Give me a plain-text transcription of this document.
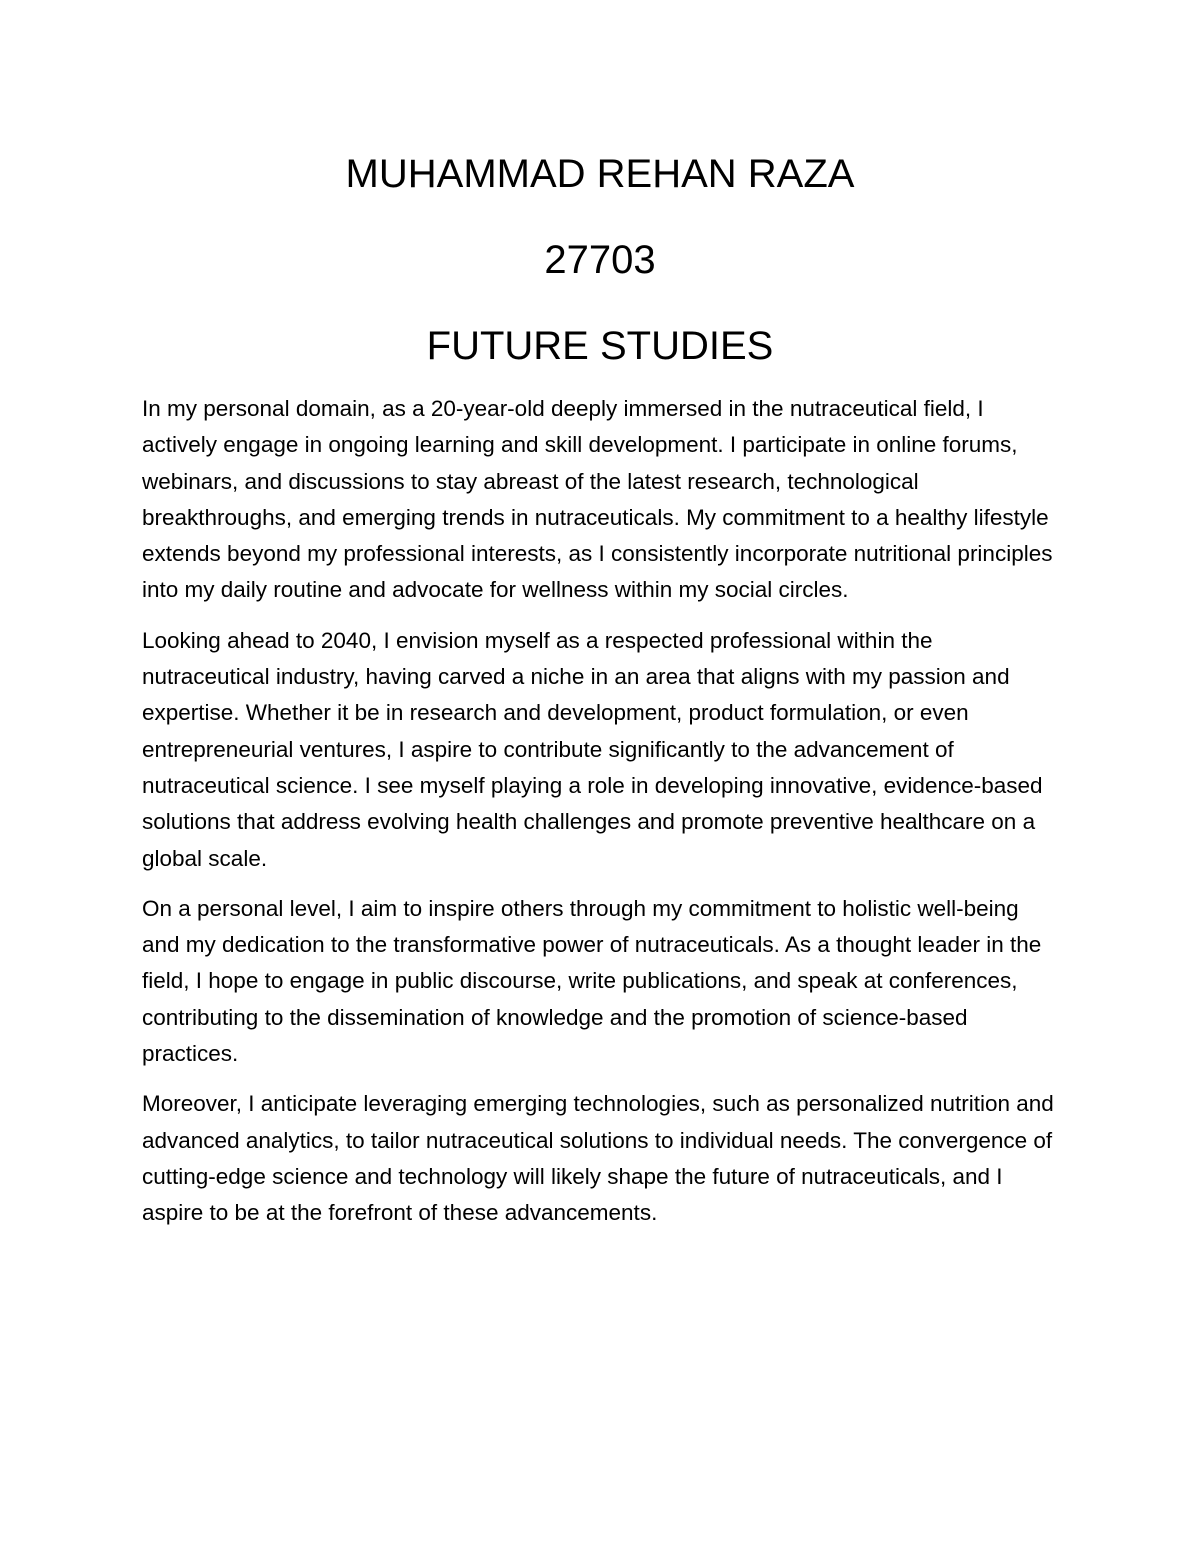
MUHAMMAD REHAN RAZA
27703
FUTURE STUDIES

In my personal domain, as a 20-year-old deeply immersed in the nutraceutical field, I actively engage in ongoing learning and skill development. I participate in online forums, webinars, and discussions to stay abreast of the latest research, technological breakthroughs, and emerging trends in nutraceuticals. My commitment to a healthy lifestyle extends beyond my professional interests, as I consistently incorporate nutritional principles into my daily routine and advocate for wellness within my social circles.

Looking ahead to 2040, I envision myself as a respected professional within the nutraceutical industry, having carved a niche in an area that aligns with my passion and expertise. Whether it be in research and development, product formulation, or even entrepreneurial ventures, I aspire to contribute significantly to the advancement of nutraceutical science. I see myself playing a role in developing innovative, evidence-based solutions that address evolving health challenges and promote preventive healthcare on a global scale.

On a personal level, I aim to inspire others through my commitment to holistic well-being and my dedication to the transformative power of nutraceuticals. As a thought leader in the field, I hope to engage in public discourse, write publications, and speak at conferences, contributing to the dissemination of knowledge and the promotion of science-based practices.

Moreover, I anticipate leveraging emerging technologies, such as personalized nutrition and advanced analytics, to tailor nutraceutical solutions to individual needs. The convergence of cutting-edge science and technology will likely shape the future of nutraceuticals, and I aspire to be at the forefront of these advancements.
